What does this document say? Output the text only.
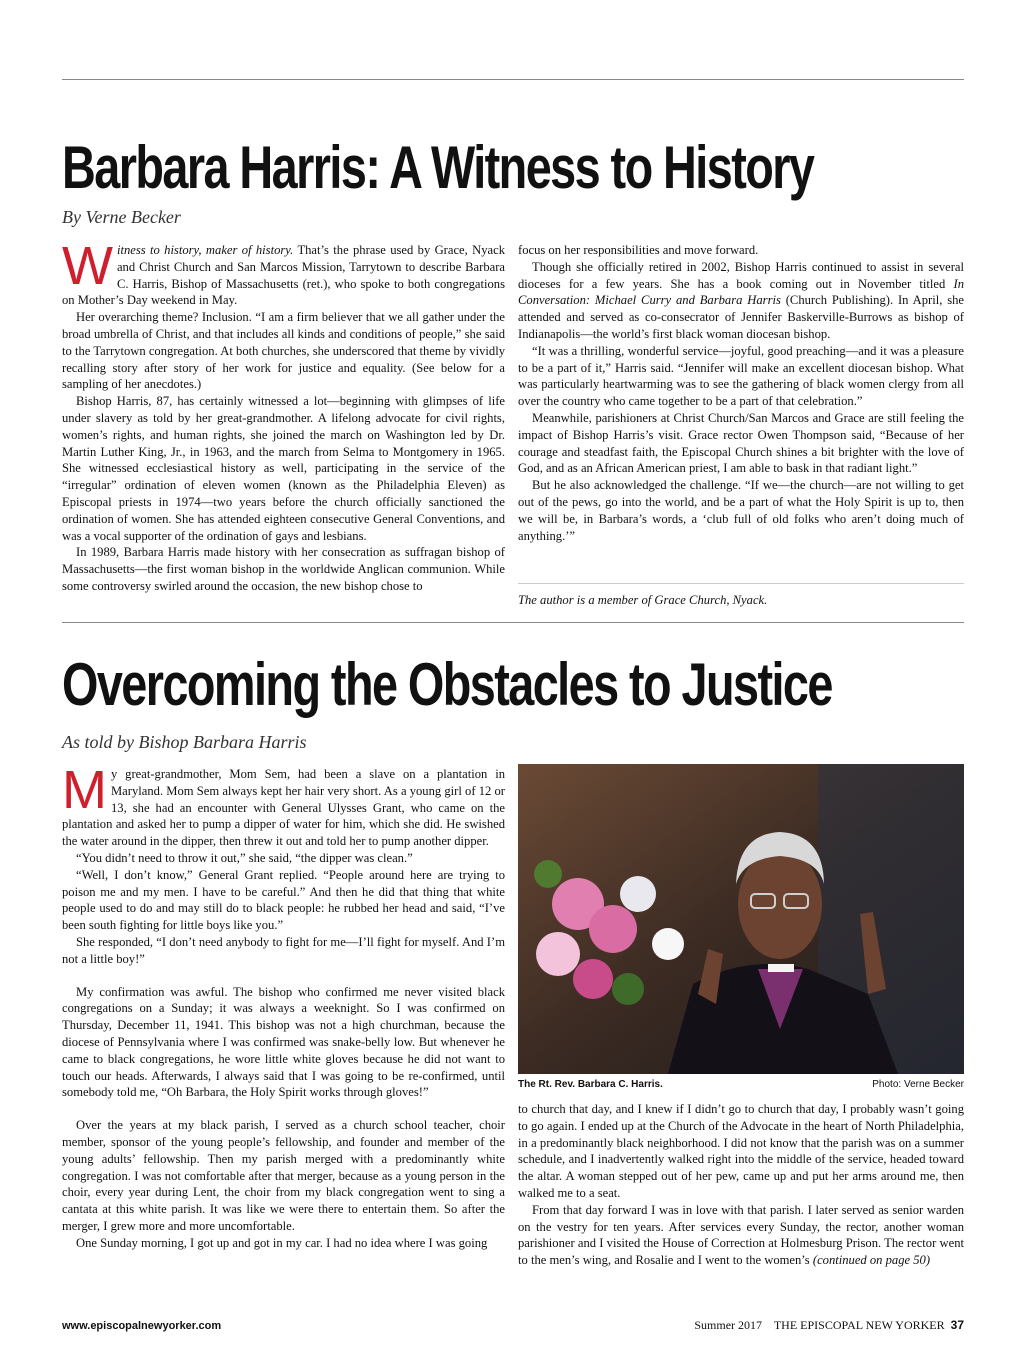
Barbara Harris: A Witness to History
By Verne Becker

Witness to history, maker of history. That’s the phrase used by Grace, Nyack and Christ Church and San Marcos Mission, Tarrytown to describe Barbara C. Harris, Bishop of Massachusetts (ret.), who spoke to both congregations on Mother’s Day weekend in May.

Her overarching theme? Inclusion. “I am a firm believer that we all gather under the broad umbrella of Christ, and that includes all kinds and conditions of people,” she said to the Tarrytown congregation. At both churches, she underscored that theme by vividly recalling story after story of her work for justice and equality. (See below for a sampling of her anecdotes.)

Bishop Harris, 87, has certainly witnessed a lot—beginning with glimpses of life under slavery as told by her great-grandmother. A lifelong advocate for civil rights, women’s rights, and human rights, she joined the march on Washington led by Dr. Martin Luther King, Jr., in 1963, and the march from Selma to Montgomery in 1965. She witnessed ecclesiastical history as well, participating in the service of the “irregular” ordination of eleven women (known as the Philadelphia Eleven) as Episcopal priests in 1974—two years before the church officially sanctioned the ordination of women. She has attended eighteen consecutive General Conventions, and was a vocal supporter of the ordination of gays and lesbians.

In 1989, Barbara Harris made history with her consecration as suffragan bishop of Massachusetts—the first woman bishop in the worldwide Anglican communion. While some controversy swirled around the occasion, the new bishop chose to

focus on her responsibilities and move forward.

Though she officially retired in 2002, Bishop Harris continued to assist in several dioceses for a few years. She has a book coming out in November titled In Conversation: Michael Curry and Barbara Harris (Church Publishing). In April, she attended and served as co-consecrator of Jennifer Baskerville-Burrows as bishop of Indianapolis—the world’s first black woman diocesan bishop.

“It was a thrilling, wonderful service—joyful, good preaching—and it was a pleasure to be a part of it,” Harris said. “Jennifer will make an excellent diocesan bishop. What was particularly heartwarming was to see the gathering of black women clergy from all over the country who came together to be a part of that celebration.”

Meanwhile, parishioners at Christ Church/San Marcos and Grace are still feeling the impact of Bishop Harris’s visit. Grace rector Owen Thompson said, “Because of her courage and steadfast faith, the Episcopal Church shines a bit brighter with the love of God, and as an African American priest, I am able to bask in that radiant light.”

But he also acknowledged the challenge. “If we—the church—are not willing to get out of the pews, go into the world, and be a part of what the Holy Spirit is up to, then we will be, in Barbara’s words, a ‘club full of old folks who aren’t doing much of anything.’”

The author is a member of Grace Church, Nyack.
Overcoming the Obstacles to Justice
As told by Bishop Barbara Harris

My great-grandmother, Mom Sem, had been a slave on a plantation in Maryland. Mom Sem always kept her hair very short. As a young girl of 12 or 13, she had an encounter with General Ulysses Grant, who came on the plantation and asked her to pump a dipper of water for him, which she did. He swished the water around in the dipper, then threw it out and told her to pump another dipper.

“You didn’t need to throw it out,” she said, “the dipper was clean.”

“Well, I don’t know,” General Grant replied. “People around here are trying to poison me and my men. I have to be careful.” And then he did that thing that white people used to do and may still do to black people: he rubbed her head and said, “I’ve been south fighting for little boys like you.”

She responded, “I don’t need anybody to fight for me—I’ll fight for myself. And I’m not a little boy!”

My confirmation was awful. The bishop who confirmed me never visited black congregations on a Sunday; it was always a weeknight. So I was confirmed on Thursday, December 11, 1941. This bishop was not a high churchman, because the diocese of Pennsylvania where I was confirmed was snake-belly low. But whenever he came to black congregations, he wore little white gloves because he did not want to touch our heads. Afterwards, I always said that I was going to be re-confirmed, until somebody told me, “Oh Barbara, the Holy Spirit works through gloves!”

Over the years at my black parish, I served as a church school teacher, choir member, sponsor of the young people’s fellowship, and founder and member of the young adults’ fellowship. Then my parish merged with a predominantly white congregation. I was not comfortable after that merger, because as a young person in the choir, every year during Lent, the choir from my black congregation went to sing a cantata at this white parish. It was like we were there to entertain them. So after the merger, I grew more and more uncomfortable.

One Sunday morning, I got up and got in my car. I had no idea where I was going

The Rt. Rev. Barbara C. Harris.	Photo: Verne Becker

to church that day, and I knew if I didn’t go to church that day, I probably wasn’t going to go again. I ended up at the Church of the Advocate in the heart of North Philadelphia, in a predominantly black neighborhood. I did not know that the parish was on a summer schedule, and I inadvertently walked right into the middle of the service, headed toward the altar. A woman stepped out of her pew, came up and put her arms around me, then walked me to a seat.

From that day forward I was in love with that parish. I later served as senior warden on the vestry for ten years. After services every Sunday, the rector, another woman parishioner and I visited the House of Correction at Holmesburg Prison. The rector went to the men’s wing, and Rosalie and I went to the women’s (continued on page 50)

www.episcopalnewyorker.com	Summer 2017 THE EPISCOPAL NEW YORKER 37
